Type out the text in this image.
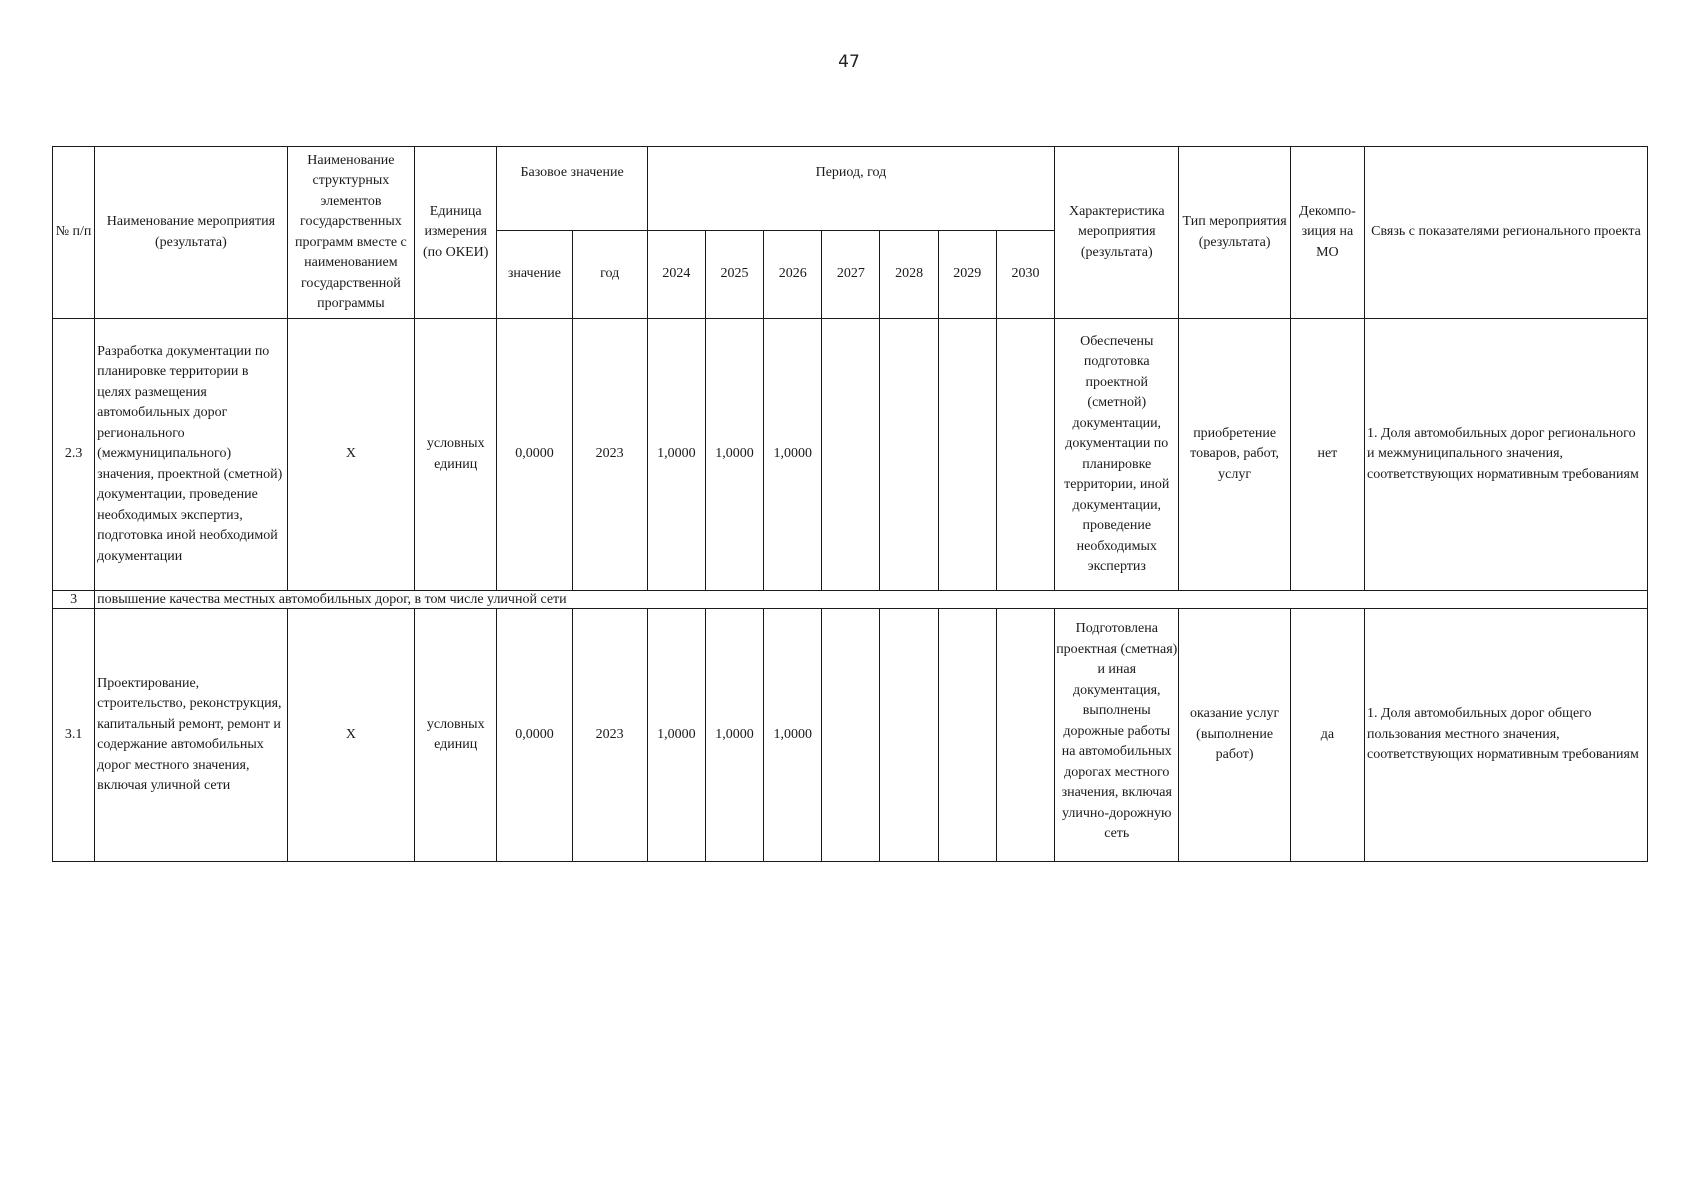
47
№ п/п	Наименование мероприятия (результата)	Наименование структурных элементов государственных программ вместе с наименованием государственной программы	Единица измерения (по ОКЕИ)	Базовое значение		Период, год							Характеристика мероприятия (результата)	Тип мероприятия (результата)	Декомпо-зиция на МО	Связь с показателями регионального проекта
				значение	год	2024	2025	2026	2027	2028	2029	2030				
2.3	Разработка документации по планировке территории в целях размещения автомобильных дорог регионального (межмуниципального) значения, проектной (сметной) документации, проведение необходимых экспертиз, подготовка иной необходимой документации	Х	условных единиц	0,0000	2023	1,0000	1,0000	1,0000					Обеспечены подготовка проектной (сметной) документации, документации по планировке территории, иной документации, проведение необходимых экспертиз	приобретение товаров, работ, услуг	нет	1. Доля автомобильных дорог регионального и межмуниципального значения, соответствующих нормативным требованиям
3	повышение качества местных автомобильных дорог, в том числе уличной сети															
3.1	Проектирование, строительство, реконструкция, капитальный ремонт, ремонт и содержание автомобильных дорог местного значения, включая уличной сети	Х	условных единиц	0,0000	2023	1,0000	1,0000	1,0000					Подготовлена проектная (сметная) и иная документация, выполнены дорожные работы на автомобильных дорогах местного значения, включая улично-дорожную сеть	оказание услуг (выполнение работ)	да	1. Доля автомобильных дорог общего пользования местного значения, соответствующих нормативным требованиям
